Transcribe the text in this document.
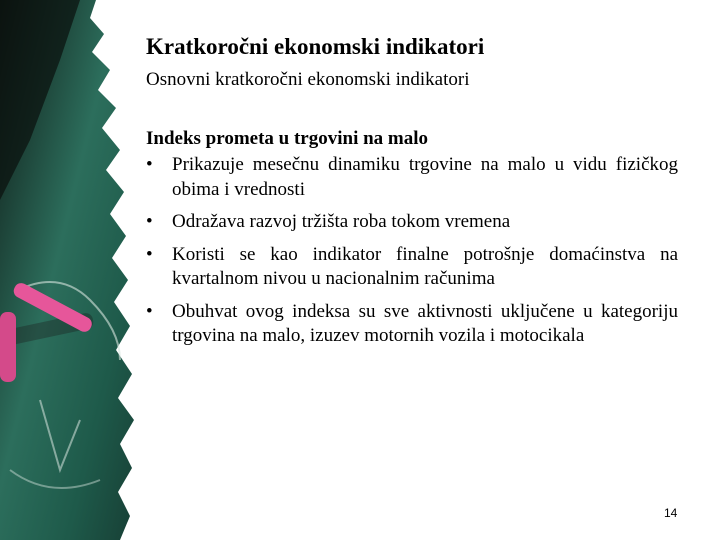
Kratkoročni ekonomski indikatori
Osnovni kratkoročni ekonomski indikatori
Indeks prometa u trgovini na malo
• Prikazuje mesečnu dinamiku trgovine na malo u vidu fizičkog obima i vrednosti
• Odražava razvoj tržišta roba tokom vremena
• Koristi se kao indikator finalne potrošnje domaćinstva na kvartalnom nivou u nacionalnim računima
• Obuhvat ovog indeksa su sve aktivnosti uključene u kategoriju trgovina na malo, izuzev motornih vozila i motocikala
14
